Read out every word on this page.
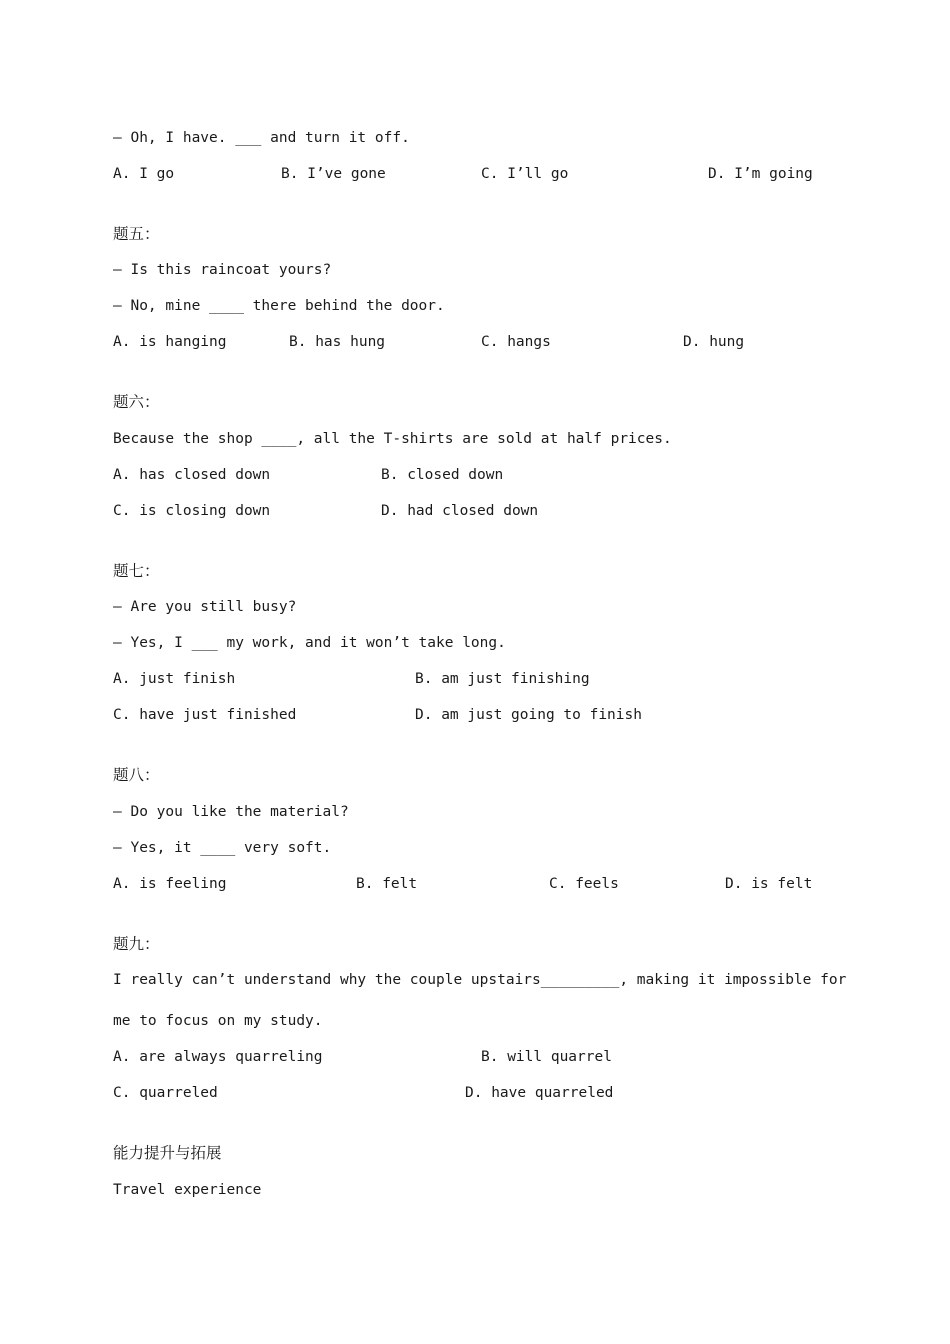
— Oh, I have. ___ and turn it off.
A. I go	B. I’ve gone	C. I’ll go	D. I’m going
题五：
— Is this raincoat yours?
— No, mine ____ there behind the door.
A. is hanging	B. has hung	C. hangs	D. hung
题六：
Because the shop ____, all the T-shirts are sold at half prices.
A. has closed down	B. closed down
C. is closing down	D. had closed down
题七：
— Are you still busy?
— Yes, I ___ my work, and it won’t take long.
A. just finish	B. am just finishing
C. have just finished	D. am just going to finish
题八：
— Do you like the material?
— Yes, it ____ very soft.
A. is feeling	B. felt	C. feels	D. is felt
题九：
I really can’t understand why the couple upstairs_________, making it impossible for
me to focus on my study.
A. are always quarreling	B. will quarrel
C. quarreled	D. have quarreled
能力提升与拓展
Travel experience
